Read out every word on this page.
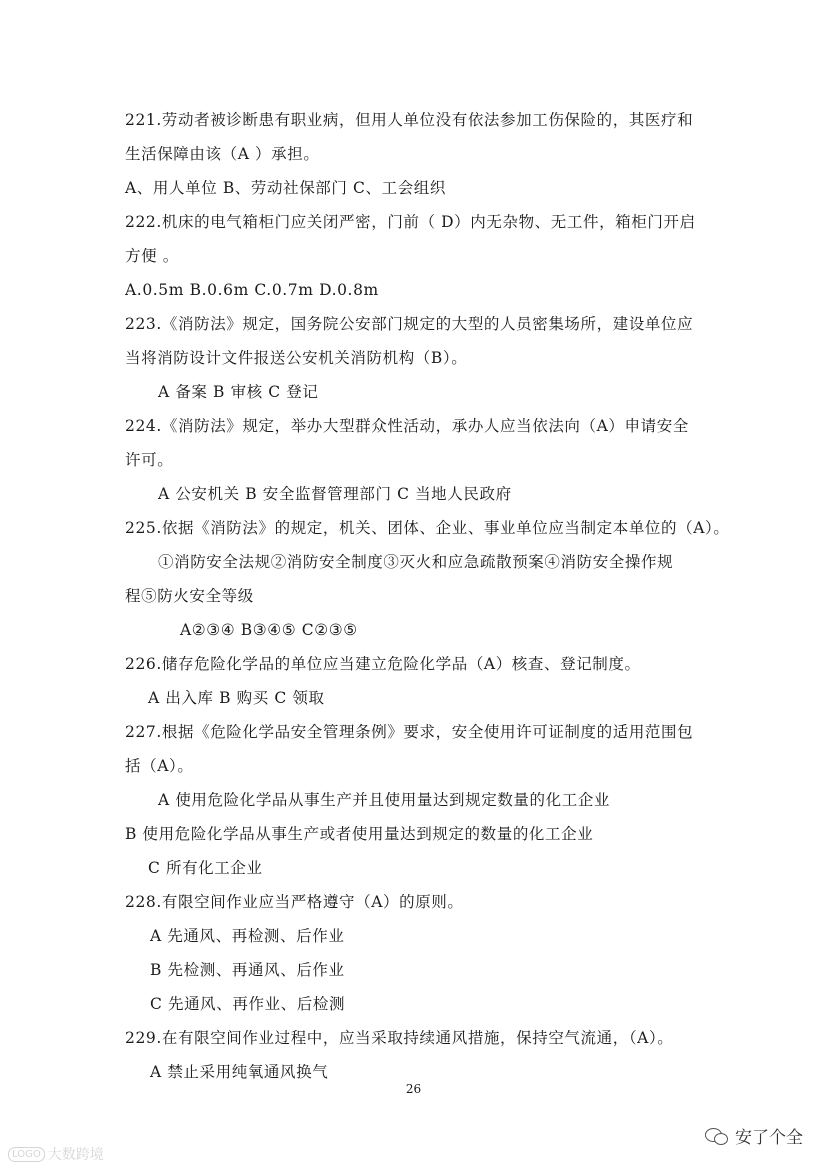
221.劳动者被诊断患有职业病，但用人单位没有依法参加工伤保险的，其医疗和
生活保障由该（A ）承担。
A、用人单位 B、劳动社保部门 C、工会组织
222.机床的电气箱柜门应关闭严密，门前（ D）内无杂物、无工件，箱柜门开启
方便 。
A.0.5m B.0.6m C.0.7m D.0.8m
223.《消防法》规定，国务院公安部门规定的大型的人员密集场所，建设单位应
当将消防设计文件报送公安机关消防机构（B）。
A 备案 B 审核 C 登记
224.《消防法》规定，举办大型群众性活动，承办人应当依法向（A）申请安全
许可。
A 公安机关 B 安全监督管理部门 C 当地人民政府
225.依据《消防法》的规定，机关、团体、企业、事业单位应当制定本单位的（A）。
①消防安全法规②消防安全制度③灭火和应急疏散预案④消防安全操作规
程⑤防火安全等级
A②③④ B③④⑤ C②③⑤
226.储存危险化学品的单位应当建立危险化学品（A）核查、登记制度。
A 出入库 B 购买 C 领取
227.根据《危险化学品安全管理条例》要求，安全使用许可证制度的适用范围包
括（A）。
A 使用危险化学品从事生产并且使用量达到规定数量的化工企业
B 使用危险化学品从事生产或者使用量达到规定的数量的化工企业
C 所有化工企业
228.有限空间作业应当严格遵守（A）的原则。
A 先通风、再检测、后作业
B 先检测、再通风、后作业
C 先通风、再作业、后检测
229.在有限空间作业过程中，应当采取持续通风措施，保持空气流通，（A）。
A 禁止采用纯氧通风换气
26
LOGO 大数跨境
安了个全
